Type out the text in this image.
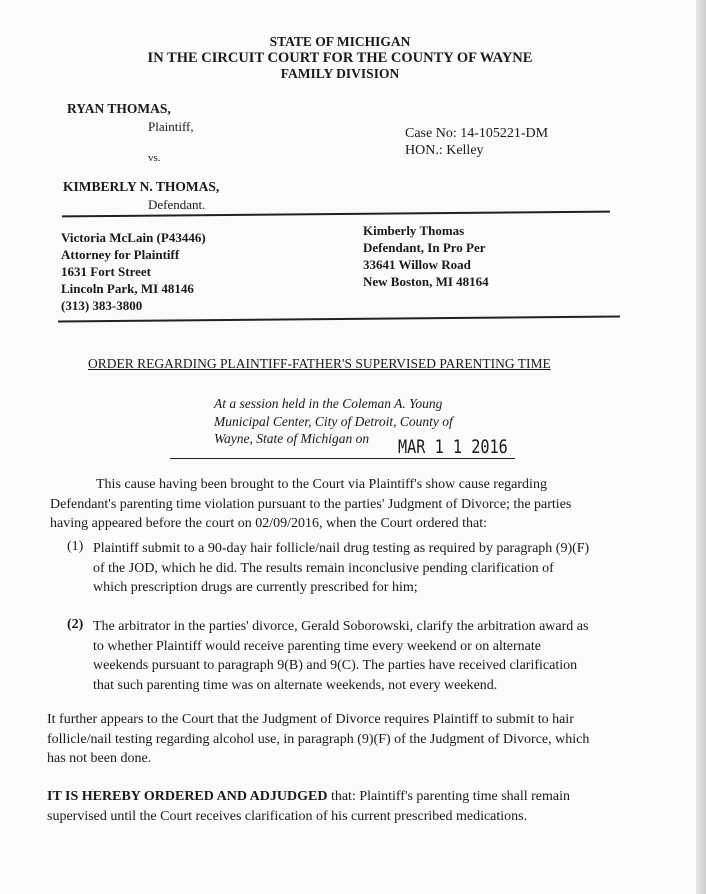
STATE OF MICHIGAN
IN THE CIRCUIT COURT FOR THE COUNTY OF WAYNE
FAMILY DIVISION
RYAN THOMAS,
Plaintiff,	Case No: 14-105221-DM
HON.: Kelley
vs.
KIMBERLY N. THOMAS,
Defendant.
Victoria McLain (P43446)
Attorney for Plaintiff
1631 Fort Street
Lincoln Park, MI 48146
(313) 383-3800
Kimberly Thomas
Defendant, In Pro Per
33641 Willow Road
New Boston, MI 48164
ORDER REGARDING PLAINTIFF-FATHER'S SUPERVISED PARENTING TIME
At a session held in the Coleman A. Young
Municipal Center, City of Detroit, County of
Wayne, State of Michigan on	MAR 1 1 2016
This cause having been brought to the Court via Plaintiff's show cause regarding
Defendant's parenting time violation pursuant to the parties' Judgment of Divorce; the parties
having appeared before the court on 02/09/2016, when the Court ordered that:
(1) Plaintiff submit to a 90-day hair follicle/nail drug testing as required by paragraph (9)(F)
of the JOD, which he did. The results remain inconclusive pending clarification of
which prescription drugs are currently prescribed for him;
(2) The arbitrator in the parties' divorce, Gerald Soborowski, clarify the arbitration award as
to whether Plaintiff would receive parenting time every weekend or on alternate
weekends pursuant to paragraph 9(B) and 9(C). The parties have received clarification
that such parenting time was on alternate weekends, not every weekend.
It further appears to the Court that the Judgment of Divorce requires Plaintiff to submit to hair
follicle/nail testing regarding alcohol use, in paragraph (9)(F) of the Judgment of Divorce, which
has not been done.
IT IS HEREBY ORDERED AND ADJUDGED that: Plaintiff's parenting time shall remain
supervised until the Court receives clarification of his current prescribed medications.
